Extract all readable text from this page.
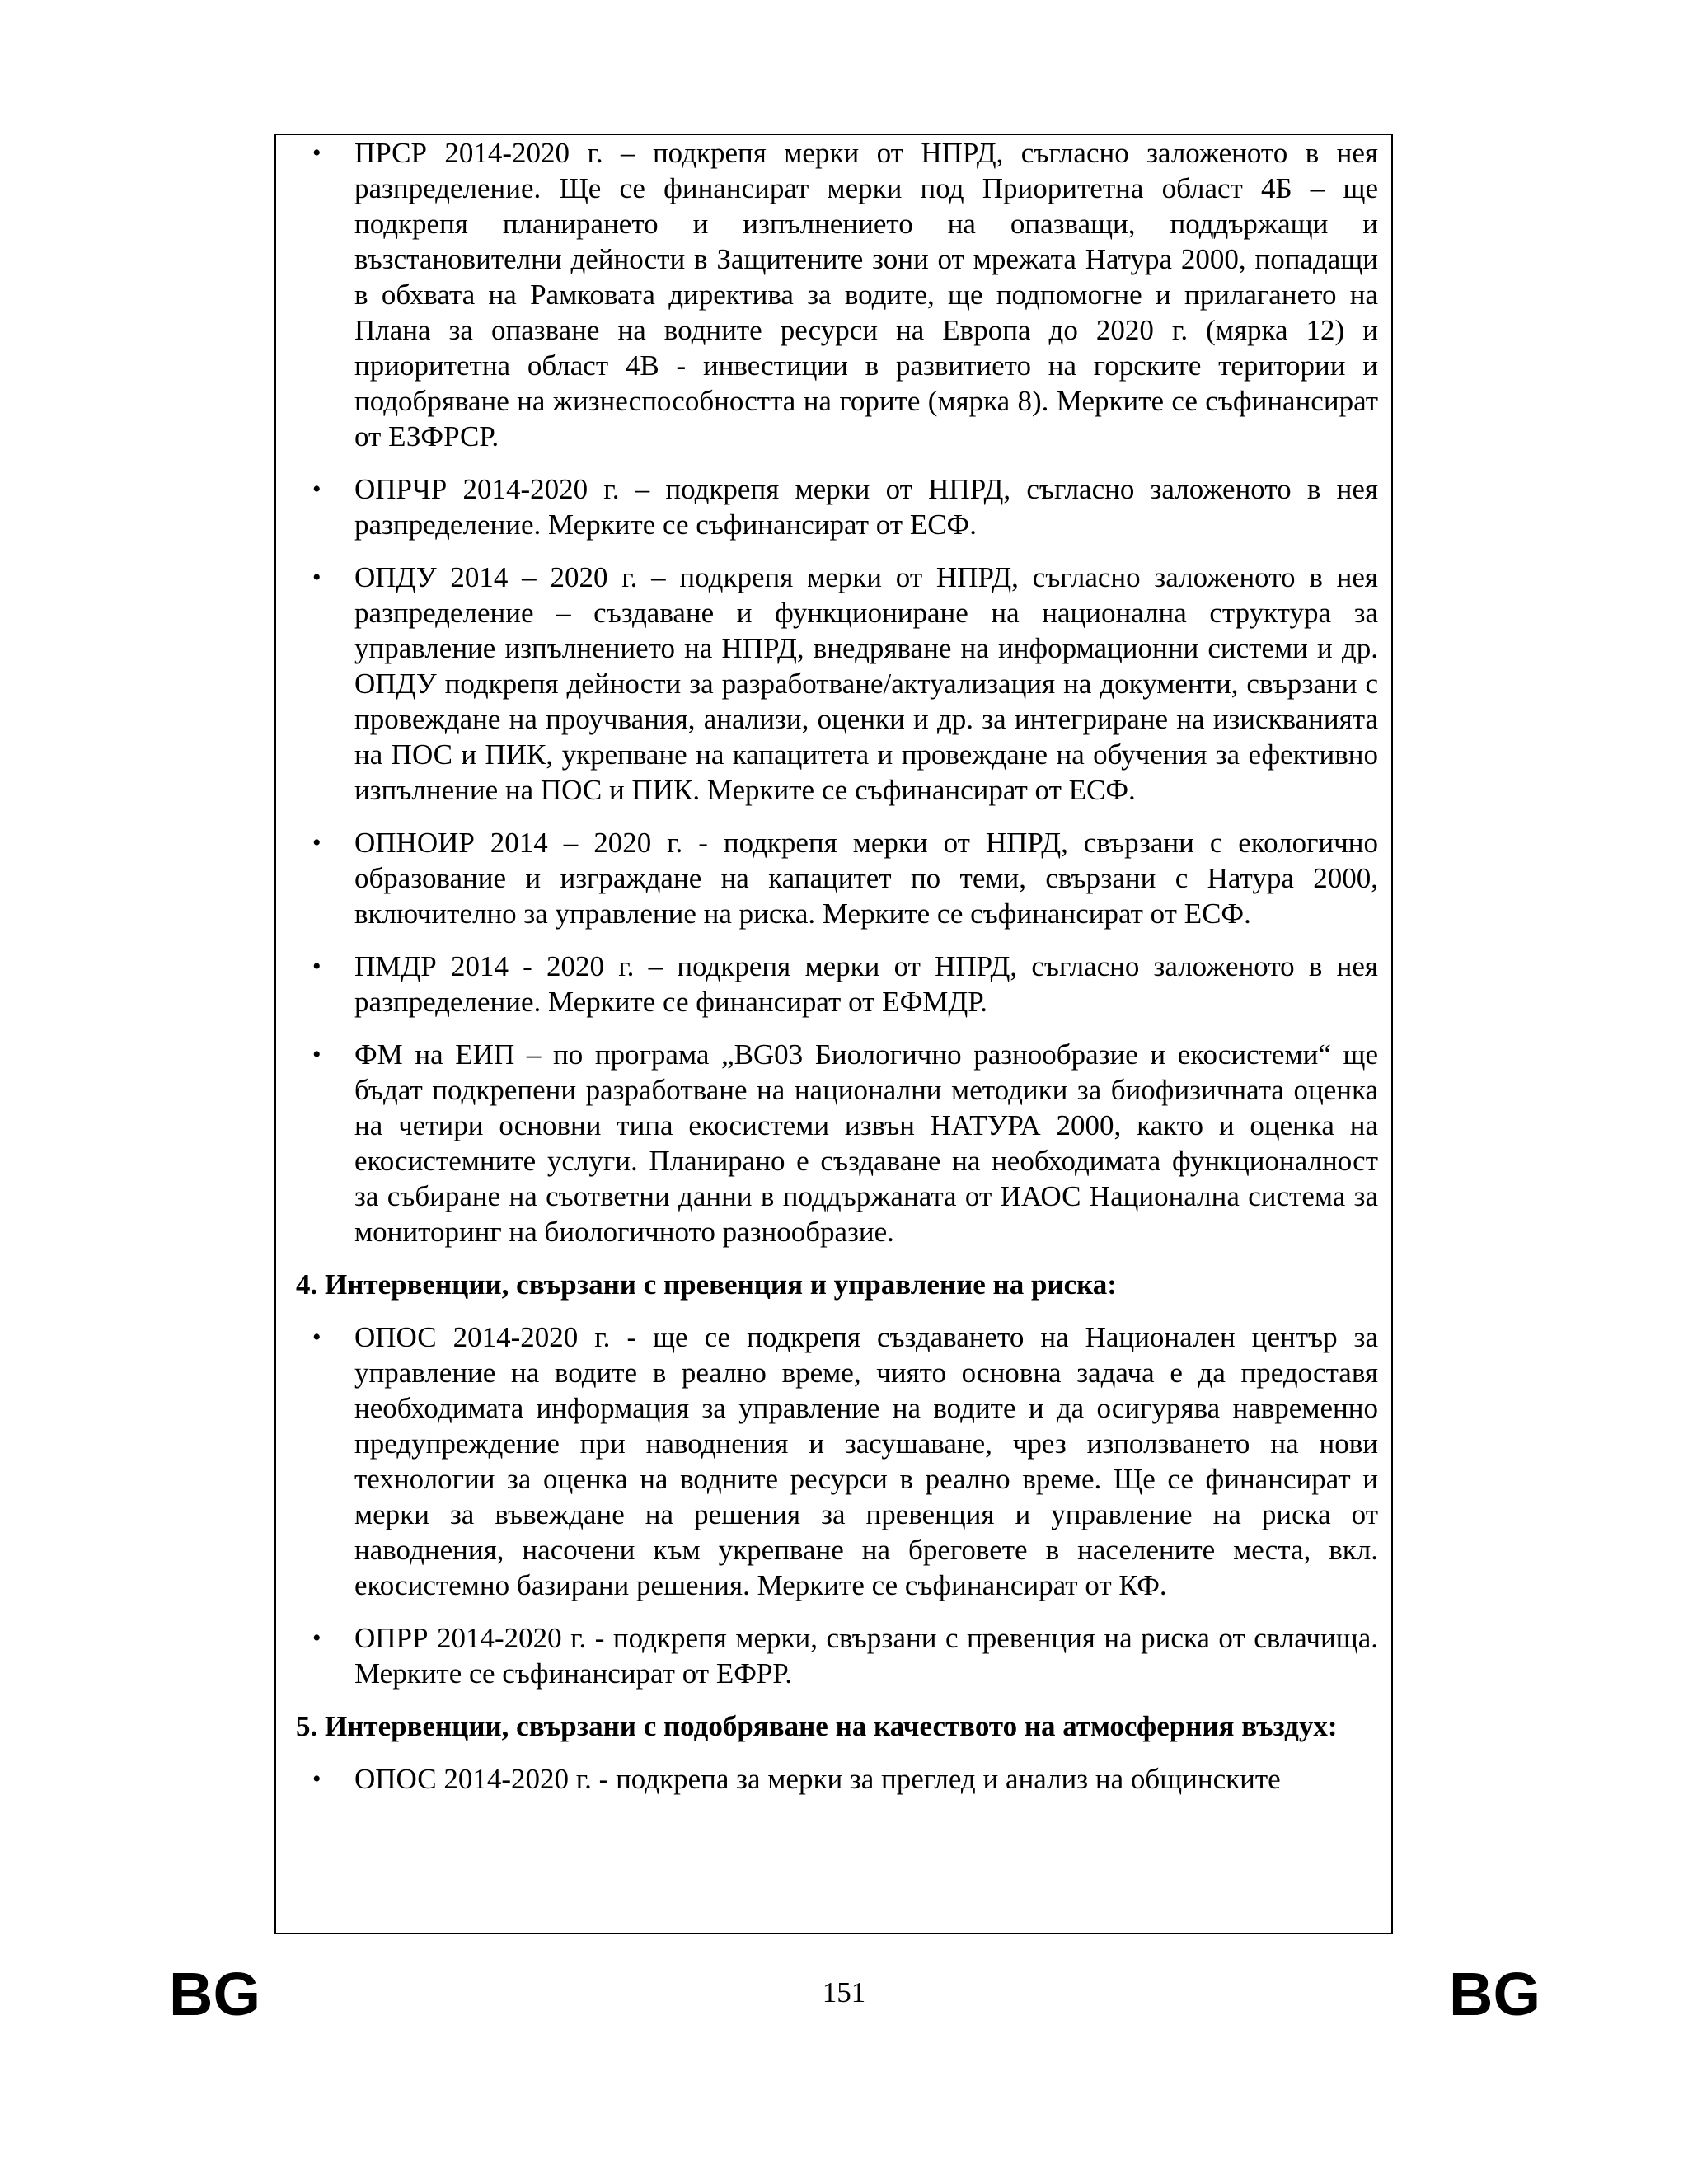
• ПРСР 2014-2020 г. – подкрепя мерки от НПРД, съгласно заложеното в нея разпределение. Ще се финансират мерки под Приоритетна област 4Б – ще подкрепя планирането и изпълнението на опазващи, поддържащи и възстановителни дейности в Защитените зони от мрежата Натура 2000, попадащи в обхвата на Рамковата директива за водите, ще подпомогне и прилагането на Плана за опазване на водните ресурси на Европа до 2020 г. (мярка 12) и приоритетна област 4В - инвестиции в развитието на горските територии и подобряване на жизнеспособността на горите (мярка 8). Мерките се съфинансират от ЕЗФРСР.
• ОПРЧР 2014-2020 г. – подкрепя мерки от НПРД, съгласно заложеното в нея разпределение. Мерките се съфинансират от ЕСФ.
• ОПДУ 2014 – 2020 г. – подкрепя мерки от НПРД, съгласно заложеното в нея разпределение – създаване и функциониране на национална структура за управление изпълнението на НПРД, внедряване на информационни системи и др. ОПДУ подкрепя дейности за разработване/актуализация на документи, свързани с провеждане на проучвания, анализи, оценки и др. за интегриране на изискванията на ПОС и ПИК, укрепване на капацитета и провеждане на обучения за ефективно изпълнение на ПОС и ПИК. Мерките се съфинансират от ЕСФ.
• ОПНОИР 2014 – 2020 г. - подкрепя мерки от НПРД, свързани с екологично образование и изграждане на капацитет по теми, свързани с Натура 2000, включително за управление на риска. Мерките се съфинансират от ЕСФ.
• ПМДР 2014 - 2020 г. – подкрепя мерки от НПРД, съгласно заложеното в нея разпределение. Мерките се финансират от ЕФМДР.
• ФМ на ЕИП – по програма „BG03 Биологично разнообразие и екосистеми“ ще бъдат подкрепени разработване на национални методики за биофизичната оценка на четири основни типа екосистеми извън НАТУРА 2000, както и оценка на екосистемните услуги. Планирано е създаване на необходимата функционалност за събиране на съответни данни в поддържаната от ИАОС Национална система за мониторинг на биологичното разнообразие.
4. Интервенции, свързани с превенция и управление на риска:
• ОПОС 2014-2020 г. - ще се подкрепя създаването на Национален център за управление на водите в реално време, чиято основна задача е да предоставя необходимата информация за управление на водите и да осигурява навременно предупреждение при наводнения и засушаване, чрез използването на нови технологии за оценка на водните ресурси в реално време. Ще се финансират и мерки за въвеждане на решения за превенция и управление на риска от наводнения, насочени към укрепване на бреговете в населените места, вкл. екосистемно базирани решения. Мерките се съфинансират от КФ.
• ОПРР 2014-2020 г. - подкрепя мерки, свързани с превенция на риска от свлачища. Мерките се съфинансират от ЕФРР.
5. Интервенции, свързани с подобряване на качеството на атмосферния въздух:
• ОПОС 2014-2020 г. - подкрепа за мерки за преглед и анализ на общинските
BG	151	BG
